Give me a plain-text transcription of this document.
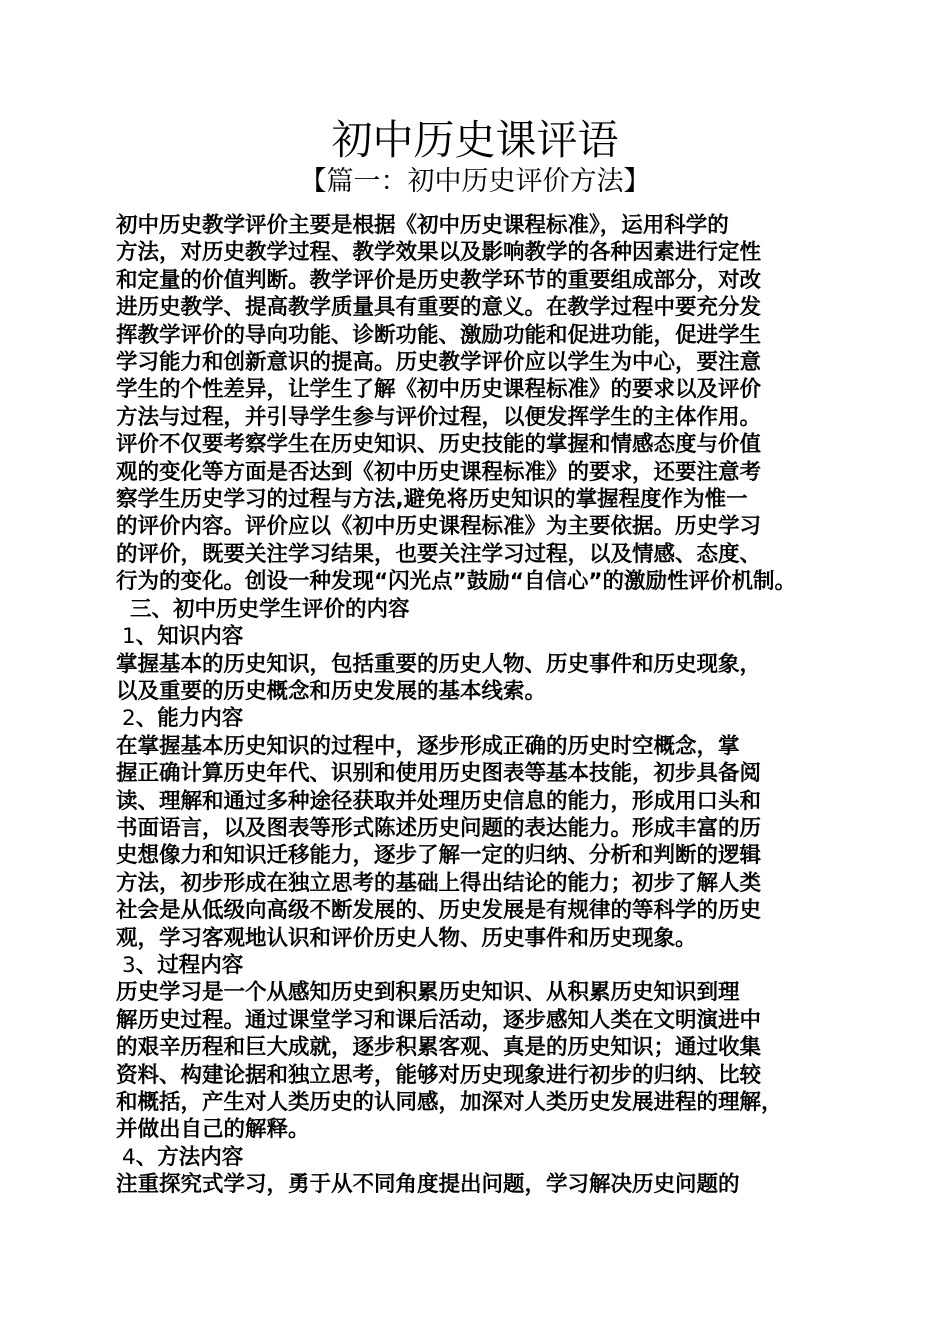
初中历史课评语
【篇一：初中历史评价方法】
初中历史教学评价主要是根据《初中历史课程标准》，运用科学的
方法，对历史教学过程、教学效果以及影响教学的各种因素进行定性
和定量的价值判断。教学评价是历史教学环节的重要组成部分，对改
进历史教学、提高教学质量具有重要的意义。在教学过程中要充分发
挥教学评价的导向功能、诊断功能、激励功能和促进功能，促进学生
学习能力和创新意识的提高。历史教学评价应以学生为中心，要注意
学生的个性差异，让学生了解《初中历史课程标准》的要求以及评价
方法与过程，并引导学生参与评价过程，以便发挥学生的主体作用。
评价不仅要考察学生在历史知识、历史技能的掌握和情感态度与价值
观的变化等方面是否达到《初中历史课程标准》的要求，还要注意考
察学生历史学习的过程与方法,避免将历史知识的掌握程度作为惟一
的评价内容。评价应以《初中历史课程标准》为主要依据。历史学习
的评价，既要关注学习结果，也要关注学习过程，以及情感、态度、
行为的变化。创设一种发现“闪光点”鼓励“自信心”的激励性评价机制。
三、初中历史学生评价的内容
1、知识内容
掌握基本的历史知识，包括重要的历史人物、历史事件和历史现象，
以及重要的历史概念和历史发展的基本线索。
2、能力内容
在掌握基本历史知识的过程中，逐步形成正确的历史时空概念，掌
握正确计算历史年代、识别和使用历史图表等基本技能，初步具备阅
读、理解和通过多种途径获取并处理历史信息的能力，形成用口头和
书面语言，以及图表等形式陈述历史问题的表达能力。形成丰富的历
史想像力和知识迁移能力，逐步了解一定的归纳、分析和判断的逻辑
方法，初步形成在独立思考的基础上得出结论的能力；初步了解人类
社会是从低级向高级不断发展的、历史发展是有规律的等科学的历史
观，学习客观地认识和评价历史人物、历史事件和历史现象。
3、过程内容
历史学习是一个从感知历史到积累历史知识、从积累历史知识到理
解历史过程。通过课堂学习和课后活动，逐步感知人类在文明演进中
的艰辛历程和巨大成就，逐步积累客观、真是的历史知识；通过收集
资料、构建论据和独立思考，能够对历史现象进行初步的归纳、比较
和概括，产生对人类历史的认同感，加深对人类历史发展进程的理解，
并做出自己的解释。
4、方法内容
注重探究式学习，勇于从不同角度提出问题，学习解决历史问题的
